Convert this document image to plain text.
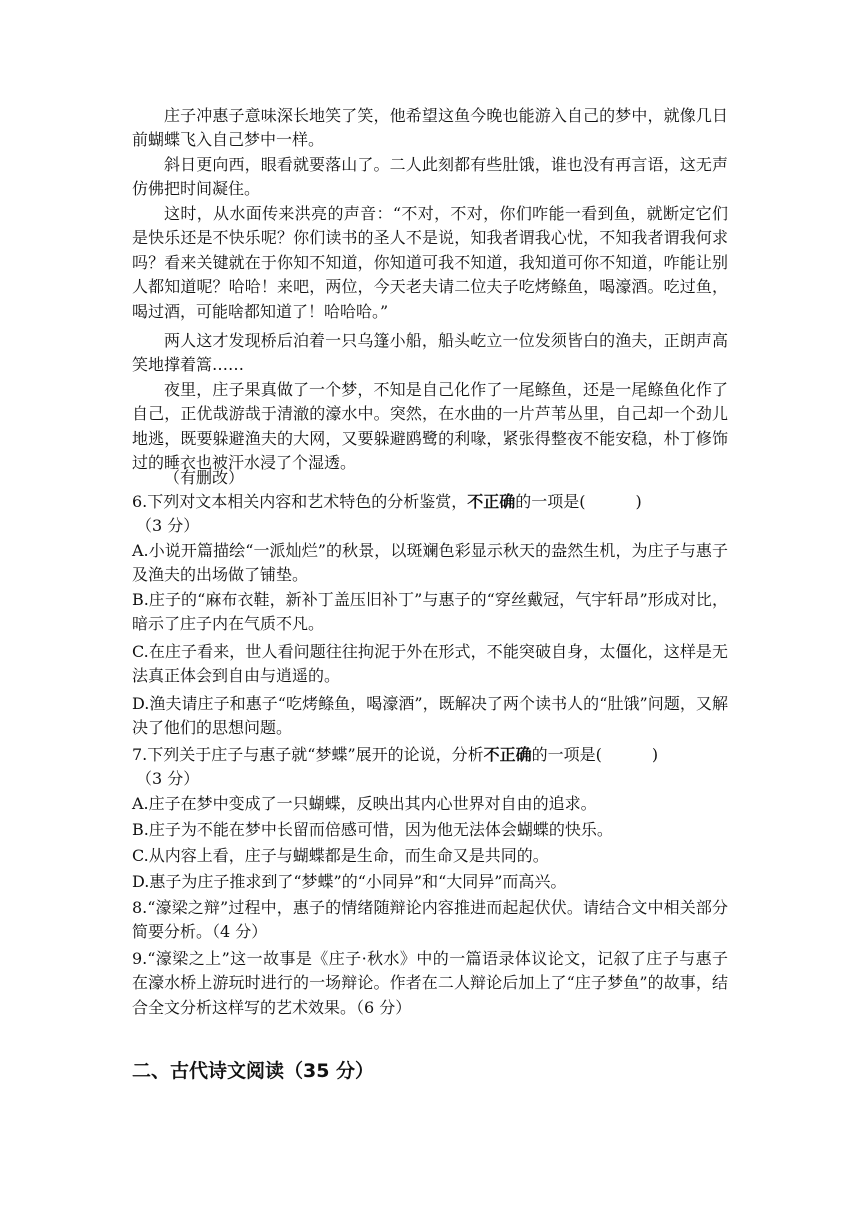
庄子冲惠子意味深长地笑了笑，他希望这鱼今晚也能游入自己的梦中，就像几日前蝴蝶飞入自己梦中一样。

斜日更向西，眼看就要落山了。二人此刻都有些肚饿，谁也没有再言语，这无声仿佛把时间凝住。

这时，从水面传来洪亮的声音：“不对，不对，你们咋能一看到鱼，就断定它们是快乐还是不快乐呢？你们读书的圣人不是说，知我者谓我心忧，不知我者谓我何求吗？看来关键就在于你知不知道，你知道可我不知道，我知道可你不知道，咋能让别人都知道呢？哈哈！来吧，两位，今天老夫请二位夫子吃烤鲦鱼，喝濠酒。吃过鱼，喝过酒，可能啥都知道了！哈哈哈。”

两人这才发现桥后泊着一只乌篷小船，船头屹立一位发须皆白的渔夫，正朗声高笑地撑着篙……

夜里，庄子果真做了一个梦，不知是自己化作了一尾鲦鱼，还是一尾鲦鱼化作了自己，正优哉游哉于清澈的濠水中。突然，在水曲的一片芦苇丛里，自己却一个劲儿地逃，既要躲避渔夫的大网，又要躲避鸥鹭的利喙，紧张得整夜不能安稳，朴丁修饰过的睡衣也被汗水浸了个湿透。

（有删改）

6.下列对文本相关内容和艺术特色的分析鉴赏，不正确的一项是(	)

（3 分）

A.小说开篇描绘“一派灿烂”的秋景，以斑斓色彩显示秋天的盎然生机，为庄子与惠子及渔夫的出场做了铺垫。

B.庄子的“麻布衣鞋，新补丁盖压旧补丁”与惠子的“穿丝戴冠，气宇轩昂”形成对比，暗示了庄子内在气质不凡。

C.在庄子看来，世人看问题往往拘泥于外在形式，不能突破自身，太僵化，这样是无法真正体会到自由与逍遥的。

D.渔夫请庄子和惠子“吃烤鲦鱼，喝濠酒”，既解决了两个读书人的“肚饿”问题，又解决了他们的思想问题。

7.下列关于庄子与惠子就“梦蝶”展开的论说，分析不正确的一项是(	)

（3 分）

A.庄子在梦中变成了一只蝴蝶，反映出其内心世界对自由的追求。

B.庄子为不能在梦中长留而倍感可惜，因为他无法体会蝴蝶的快乐。

C.从内容上看，庄子与蝴蝶都是生命，而生命又是共同的。

D.惠子为庄子推求到了“梦蝶”的“小同异”和“大同异”而高兴。

8.“濠梁之辩”过程中，惠子的情绪随辩论内容推进而起起伏伏。请结合文中相关部分简要分析。（4 分）

9.“濠梁之上”这一故事是《庄子·秋水》中的一篇语录体议论文，记叙了庄子与惠子在濠水桥上游玩时进行的一场辩论。作者在二人辩论后加上了“庄子梦鱼”的故事，结合全文分析这样写的艺术效果。（6 分）

二、古代诗文阅读（35 分）
